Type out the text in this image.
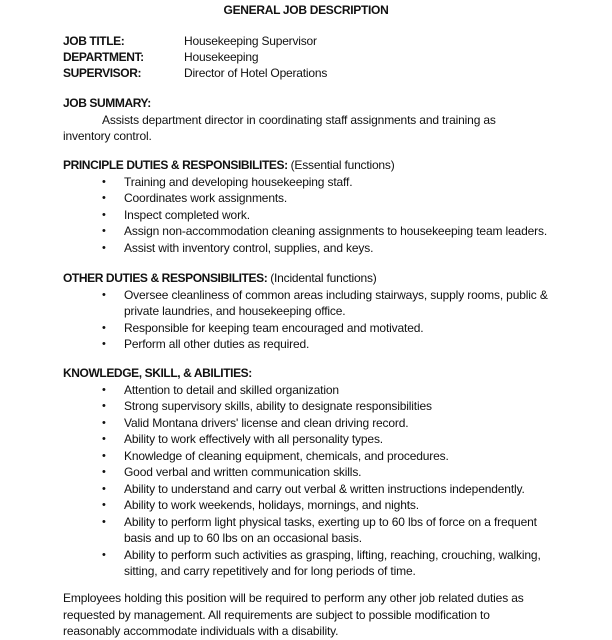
GENERAL JOB DESCRIPTION
JOB TITLE:	Housekeeping Supervisor
DEPARTMENT:	Housekeeping
SUPERVISOR:	Director of Hotel Operations
JOB SUMMARY:
Assists department director in coordinating staff assignments and training as inventory control.
PRINCIPLE DUTIES & RESPONSIBILITES: (Essential functions)
• Training and developing housekeeping staff.
• Coordinates work assignments.
• Inspect completed work.
• Assign non-accommodation cleaning assignments to housekeeping team leaders.
• Assist with inventory control, supplies, and keys.
OTHER DUTIES & RESPONSIBILITES: (Incidental functions)
• Oversee cleanliness of common areas including stairways, supply rooms, public & private laundries, and housekeeping office.
• Responsible for keeping team encouraged and motivated.
• Perform all other duties as required.
KNOWLEDGE, SKILL, & ABILITIES:
• Attention to detail and skilled organization
• Strong supervisory skills, ability to designate responsibilities
• Valid Montana drivers' license and clean driving record.
• Ability to work effectively with all personality types.
• Knowledge of cleaning equipment, chemicals, and procedures.
• Good verbal and written communication skills.
• Ability to understand and carry out verbal & written instructions independently.
• Ability to work weekends, holidays, mornings, and nights.
• Ability to perform light physical tasks, exerting up to 60 lbs of force on a frequent basis and up to 60 lbs on an occasional basis.
• Ability to perform such activities as grasping, lifting, reaching, crouching, walking, sitting, and carry repetitively and for long periods of time.
Employees holding this position will be required to perform any other job related duties as requested by management. All requirements are subject to possible modification to reasonably accommodate individuals with a disability.
